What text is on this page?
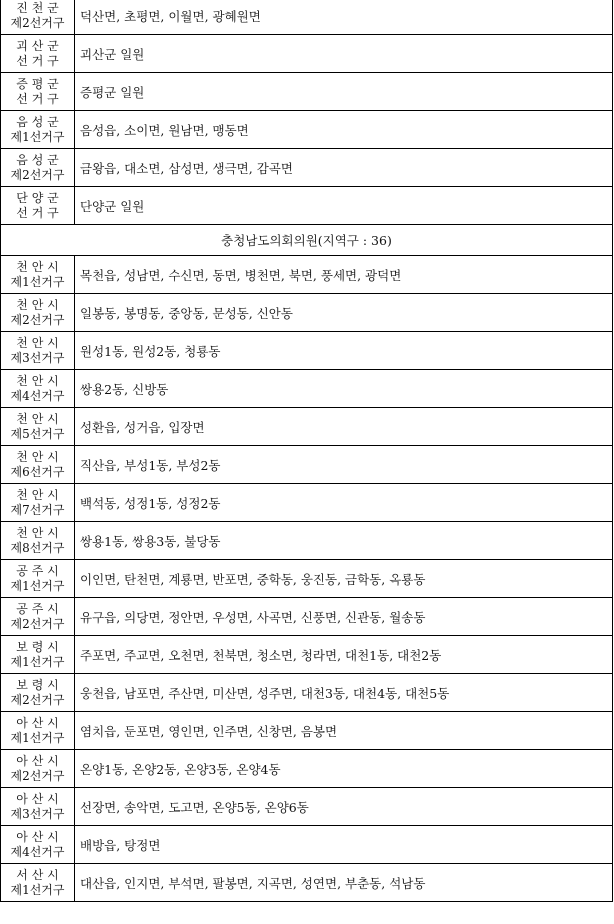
진 천 군
제2선거구	덕산면, 초평면, 이월면, 광혜원면

괴 산 군
선 거 구	괴산군 일원

증 평 군
선 거 구	증평군 일원

음 성 군
제1선거구	음성읍, 소이면, 원남면, 맹동면

음 성 군
제2선거구	금왕읍, 대소면, 삼성면, 생극면, 감곡면

단 양 군
선 거 구	단양군 일원
충청남도의회의원(지역구 : 36)	

천 안 시
제1선거구	목천읍, 성남면, 수신면, 동면, 병천면, 북면, 풍세면, 광덕면

천 안 시
제2선거구	일봉동, 봉명동, 중앙동, 문성동, 신안동

천 안 시
제3선거구	원성1동, 원성2동, 청룡동

천 안 시
제4선거구	쌍용2동, 신방동

천 안 시
제5선거구	성환읍, 성거읍, 입장면

천 안 시
제6선거구	직산읍, 부성1동, 부성2동

천 안 시
제7선거구	백석동, 성정1동, 성정2동

천 안 시
제8선거구	쌍용1동, 쌍용3동, 불당동

공 주 시
제1선거구	이인면, 탄천면, 계룡면, 반포면, 중학동, 웅진동, 금학동, 옥룡동

공 주 시
제2선거구	유구읍, 의당면, 정안면, 우성면, 사곡면, 신풍면, 신관동, 월송동

보 령 시
제1선거구	주포면, 주교면, 오천면, 천북면, 청소면, 청라면, 대천1동, 대천2동

보 령 시
제2선거구	웅천읍, 남포면, 주산면, 미산면, 성주면, 대천3동, 대천4동, 대천5동

아 산 시
제1선거구	염치읍, 둔포면, 영인면, 인주면, 신창면, 음봉면

아 산 시
제2선거구	온양1동, 온양2동, 온양3동, 온양4동

아 산 시
제3선거구	선장면, 송악면, 도고면, 온양5동, 온양6동

아 산 시
제4선거구	배방읍, 탕정면

서 산 시
제1선거구	대산읍, 인지면, 부석면, 팔봉면, 지곡면, 성연면, 부춘동, 석남동
